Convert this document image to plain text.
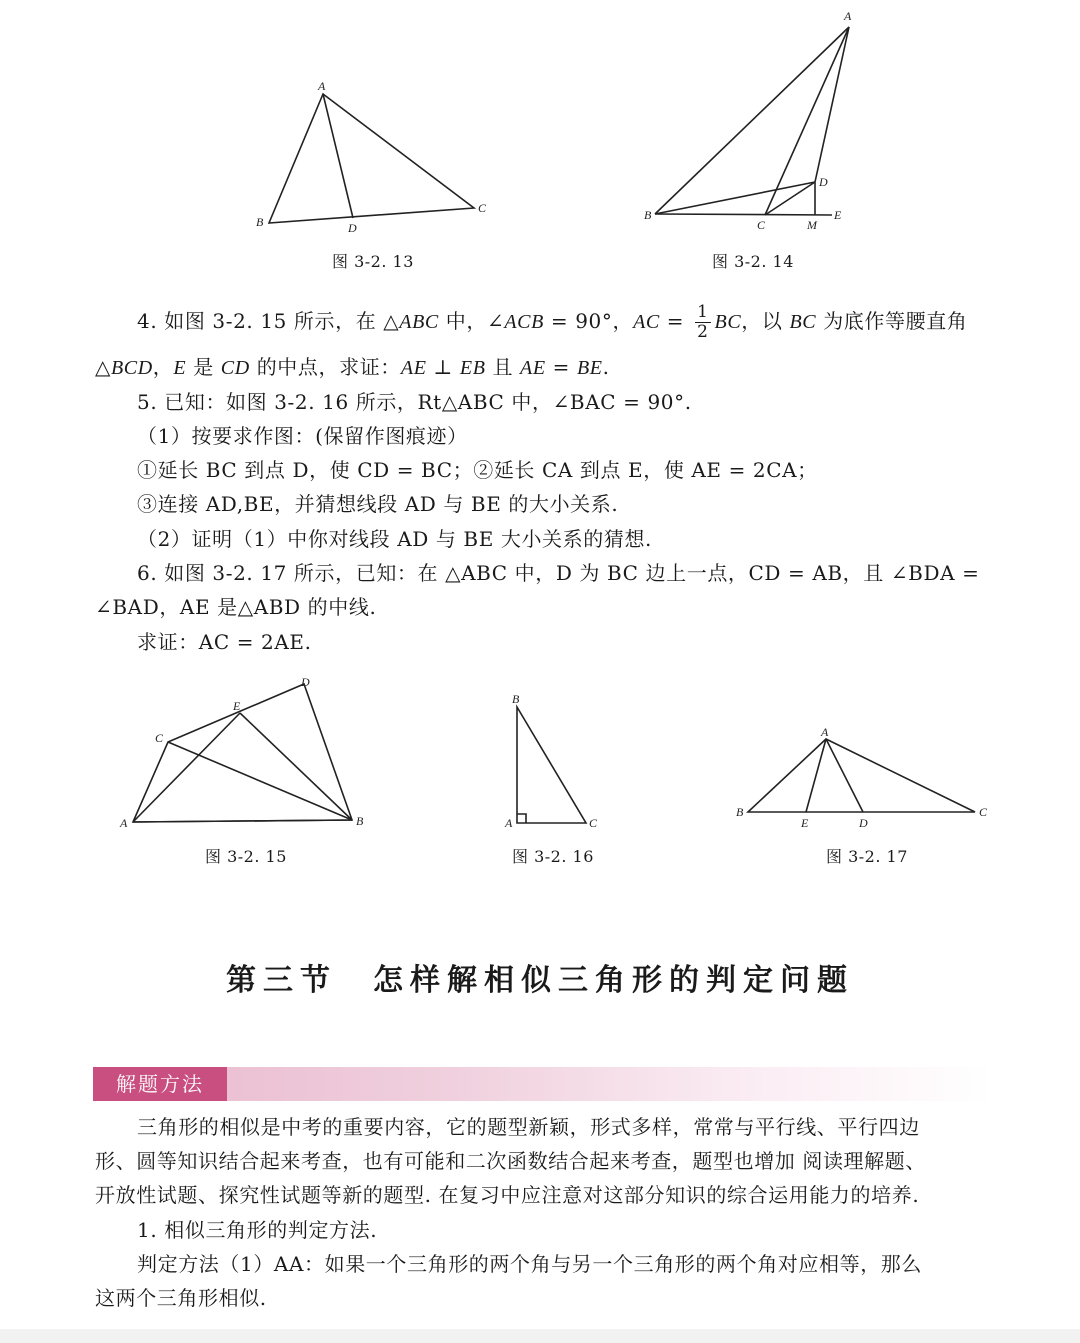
A
B
C
D
图 3-2. 13
A
B
C
D
M
E
图 3-2. 14
4. 如图 3-2. 15 所示，在 △ABC 中，∠ACB = 90°，AC = $\frac{1}{2}$ BC，以 BC 为底作等腰直角
△BCD，E 是 CD 的中点，求证：AE ⊥ EB 且 AE = BE.
5. 已知：如图 3-2. 16 所示，Rt△ABC 中，∠BAC = 90°.
（1）按要求作图：(保留作图痕迹）
①延长 BC 到点 D，使 CD = BC；②延长 CA 到点 E，使 AE = 2CA；
③连接 AD,BE，并猜想线段 AD 与 BE 的大小关系.
（2）证明（1）中你对线段 AD 与 BE 大小关系的猜想.
6. 如图 3-2. 17 所示，已知：在 △ABC 中，D 为 BC 边上一点，CD = AB，且 ∠BDA =
∠BAD，AE 是△ABD 的中线.
求证：AC = 2AE.
A	B
C
D
E
图 3-2. 15
A
B
C
图 3-2. 16
A
B	C
D
E
图 3-2. 17
第三节 怎样解相似三角形的判定问题
解题方法
三角形的相似是中考的重要内容，它的题型新颖，形式多样，常常与平行线、平行四边
形、圆等知识结合起来考查，也有可能和二次函数结合起来考查，题型也增加 阅读理解题、
开放性试题、探究性试题等新的题型. 在复习中应注意对这部分知识的综合运用能力的培养.
1. 相似三角形的判定方法.
判定方法（1）AA：如果一个三角形的两个角与另一个三角形的两个角对应相等，那么
这两个三角形相似.
